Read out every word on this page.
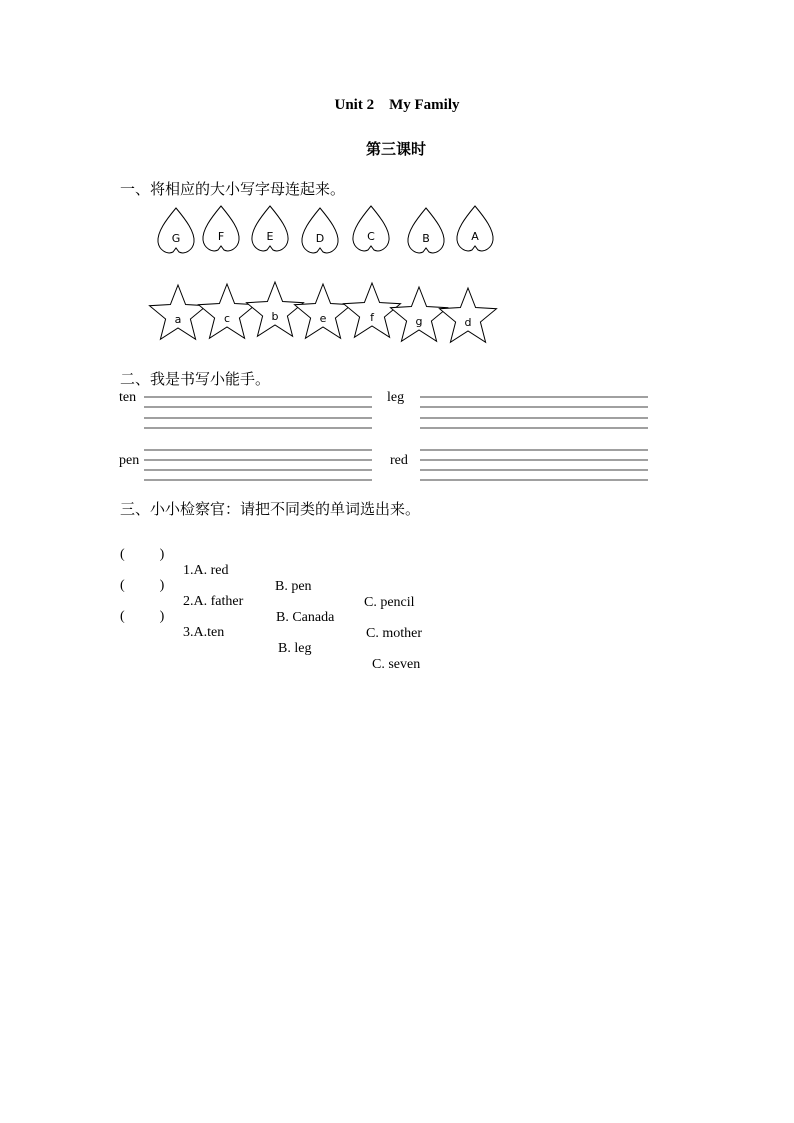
Unit 2    My Family
第三课时
一、将相应的大小写字母连起来。
G	F	E	D	C	B	A
a	c	b	e	f	g	d
二、我是书写小能手。
ten	leg
pen	red
三、小小检察官：请把不同类的单词选出来。

(          )

1.A. red

B. pen

C. pencil

(          )

2.A. father

B. Canada

C. mother

(          )

3.A.ten

B. leg

C. seven
